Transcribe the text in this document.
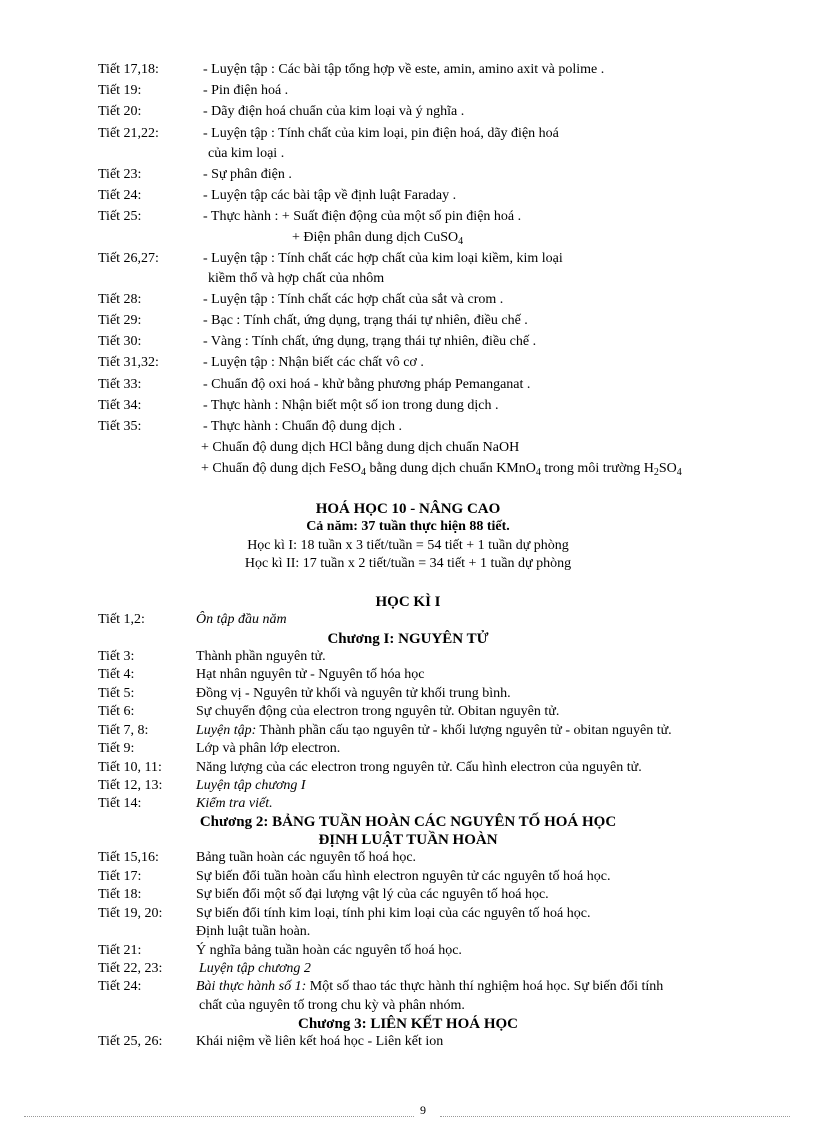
Tiết 17,18:	- Luyện tập : Các bài tập tổng hợp về este, amin, amino axit và polime .
Tiết 19:	- Pin điện hoá .
Tiết 20:	- Dãy điện hoá chuẩn của kim loại và ý nghĩa .
Tiết 21,22:	- Luyện tập : Tính chất của kim loại, pin điện hoá, dãy điện hoá
của kim loại .
Tiết 23:	- Sự phân điện .
Tiết 24:	- Luyện tập các bài tập về định luật Faraday .
Tiết 25:	- Thực hành : + Suất điện động của một số pin điện hoá .
+ Điện phân dung dịch CuSO$_4$
Tiết 26,27:	- Luyện tập : Tính chất các hợp chất của kim loại kiềm, kim loại
kiềm thổ và hợp chất của nhôm
Tiết 28:	- Luyện tập : Tính chất các hợp chất của sắt và crom .
Tiết 29:	- Bạc : Tính chất, ứng dụng, trạng thái tự nhiên, điều chế .
Tiết 30:	- Vàng : Tính chất, ứng dụng, trạng thái tự nhiên, điều chế .
Tiết 31,32:	- Luyện tập : Nhận biết các chất vô cơ .
Tiết 33:	- Chuẩn độ oxi hoá - khử bằng phương pháp Pemanganat .
Tiết 34:	- Thực hành : Nhận biết một số ion trong dung dịch .
Tiết 35:	- Thực hành : Chuẩn độ dung dịch .
+ Chuẩn độ dung dịch HCl bằng dung dịch chuẩn NaOH
+ Chuẩn độ dung dịch FeSO$_4$ bằng dung dịch chuẩn KMnO$_4$ trong môi trường $H_2SO_4$
HOÁ HỌC 10 - NÂNG CAO
Cả năm: 37 tuần thực hiện 88 tiết.
Học kì I: 18 tuần x 3 tiết/tuần = 54 tiết + 1 tuần dự phòng
Học kì II: 17 tuần x 2 tiết/tuần = 34 tiết + 1 tuần dự phòng
HỌC KÌ I
Tiết 1,2:	Ôn tập đầu năm
Chương I: NGUYÊN TỬ
Tiết 3:	Thành phần nguyên tử.
Tiết 4:	Hạt nhân nguyên tử - Nguyên tố hóa học
Tiết 5:	Đồng vị - Nguyên tử khối và nguyên tử khối trung bình.
Tiết 6:	Sự chuyển động của electron trong nguyên tử. Obitan nguyên tử.
Tiết 7, 8:	Luyện tập: Thành phần cấu tạo nguyên tử - khối lượng nguyên tử - obitan nguyên tử.
Tiết 9:	Lớp và phân lớp electron.
Tiết 10, 11: Năng lượng của các electron trong nguyên tử. Cấu hình electron của nguyên tử.
Tiết 12, 13: Luyện tập chương I
Tiết 14:	Kiểm tra viết.
Chương 2: BẢNG TUẦN HOÀN CÁC NGUYÊN TỐ HOÁ HỌC
ĐỊNH LUẬT TUẦN HOÀN
Tiết 15,16:	Bảng tuần hoàn các nguyên tố hoá học.
Tiết 17:	Sự biến đổi tuần hoàn cấu hình electron nguyên tử các nguyên tố hoá học.
Tiết 18:	Sự biến đổi một số đại lượng vật lý của các nguyên tố hoá học.
Tiết 19, 20: Sự biến đổi tính kim loại, tính phi kim loại của các nguyên tố hoá học.
Định luật tuần hoàn.
Tiết 21:	Ý nghĩa bảng tuần hoàn các nguyên tố hoá học.
Tiết 22, 23:	Luyện tập chương 2
Tiết 24:	Bài thực hành số 1: Một số thao tác thực hành thí nghiệm hoá học. Sự biến đổi tính
chất của nguyên tố trong chu kỳ và phân nhóm.
Chương 3: LIÊN KẾT HOÁ HỌC
Tiết 25, 26: Khái niệm về liên kết hoá học - Liên kết ion
9
